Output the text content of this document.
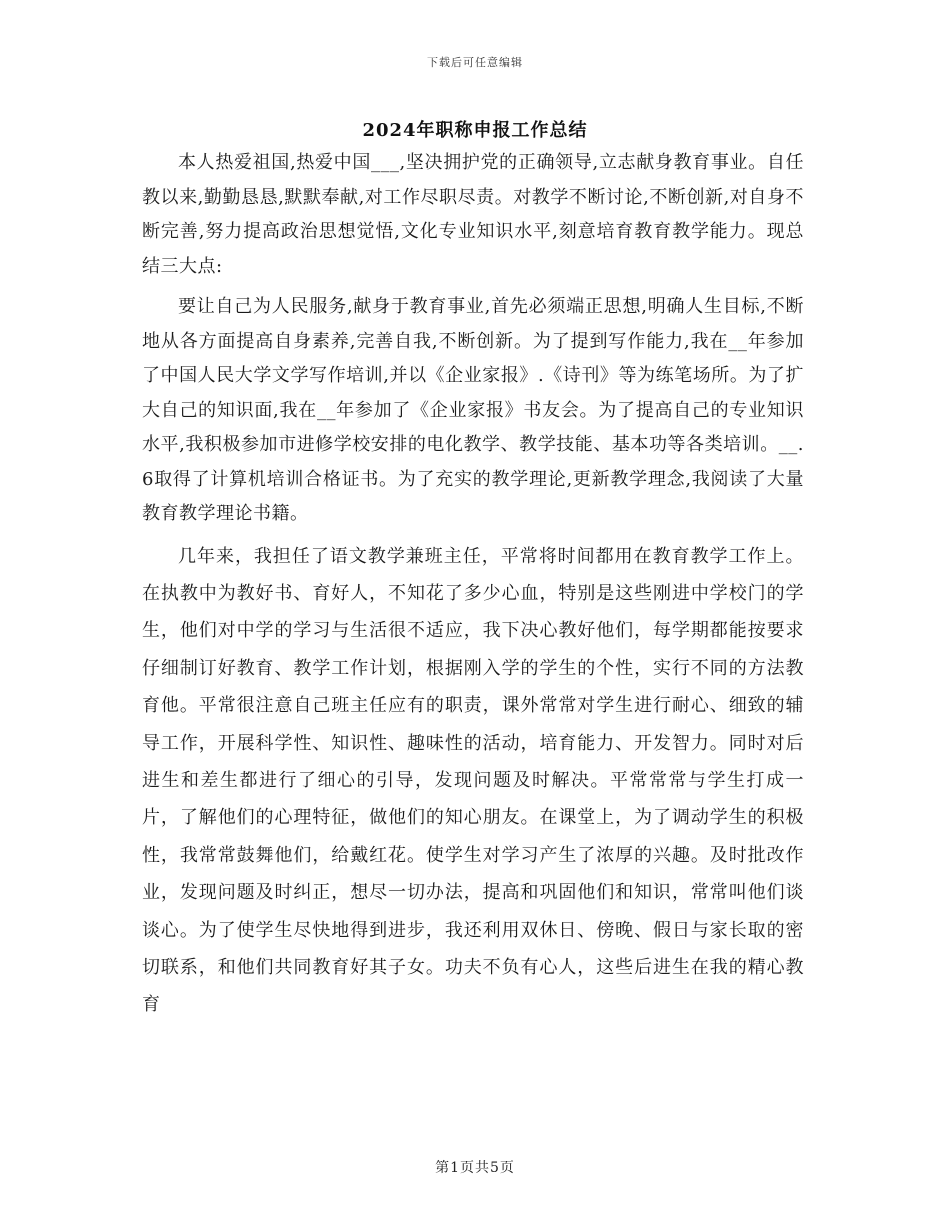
下载后可任意编辑
2024年职称申报工作总结

本人热爱祖国,热爱中国___,坚决拥护党的正确领导,立志献身教育事业。自任教以来,勤勤恳恳,默默奉献,对工作尽职尽责。对教学不断讨论,不断创新,对自身不断完善,努力提高政治思想觉悟,文化专业知识水平,刻意培育教育教学能力。现总结三大点:

要让自己为人民服务,献身于教育事业,首先必须端正思想,明确人生目标,不断地从各方面提高自身素养,完善自我,不断创新。为了提到写作能力,我在__年参加了中国人民大学文学写作培训,并以《企业家报》.《诗刊》等为练笔场所。为了扩大自己的知识面,我在__年参加了《企业家报》书友会。为了提高自己的专业知识水平,我积极参加市进修学校安排的电化教学、教学技能、基本功等各类培训。__.6取得了计算机培训合格证书。为了充实的教学理论,更新教学理念,我阅读了大量教育教学理论书籍。

几年来，我担任了语文教学兼班主任，平常将时间都用在教育教学工作上。在执教中为教好书、育好人，不知花了多少心血，特别是这些刚进中学校门的学生，他们对中学的学习与生活很不适应，我下决心教好他们，每学期都能按要求仔细制订好教育、教学工作计划，根据刚入学的学生的个性，实行不同的方法教育他。平常很注意自己班主任应有的职责，课外常常对学生进行耐心、细致的辅导工作，开展科学性、知识性、趣味性的活动，培育能力、开发智力。同时对后进生和差生都进行了细心的引导，发现问题及时解决。平常常常与学生打成一片，了解他们的心理特征，做他们的知心朋友。在课堂上，为了调动学生的积极性，我常常鼓舞他们，给戴红花。使学生对学习产生了浓厚的兴趣。及时批改作业，发现问题及时纠正，想尽一切办法，提高和巩固他们和知识，常常叫他们谈谈心。为了使学生尽快地得到进步，我还利用双休日、傍晚、假日与家长取的密切联系，和他们共同教育好其子女。功夫不负有心人，这些后进生在我的精心教育

第1页共5页
